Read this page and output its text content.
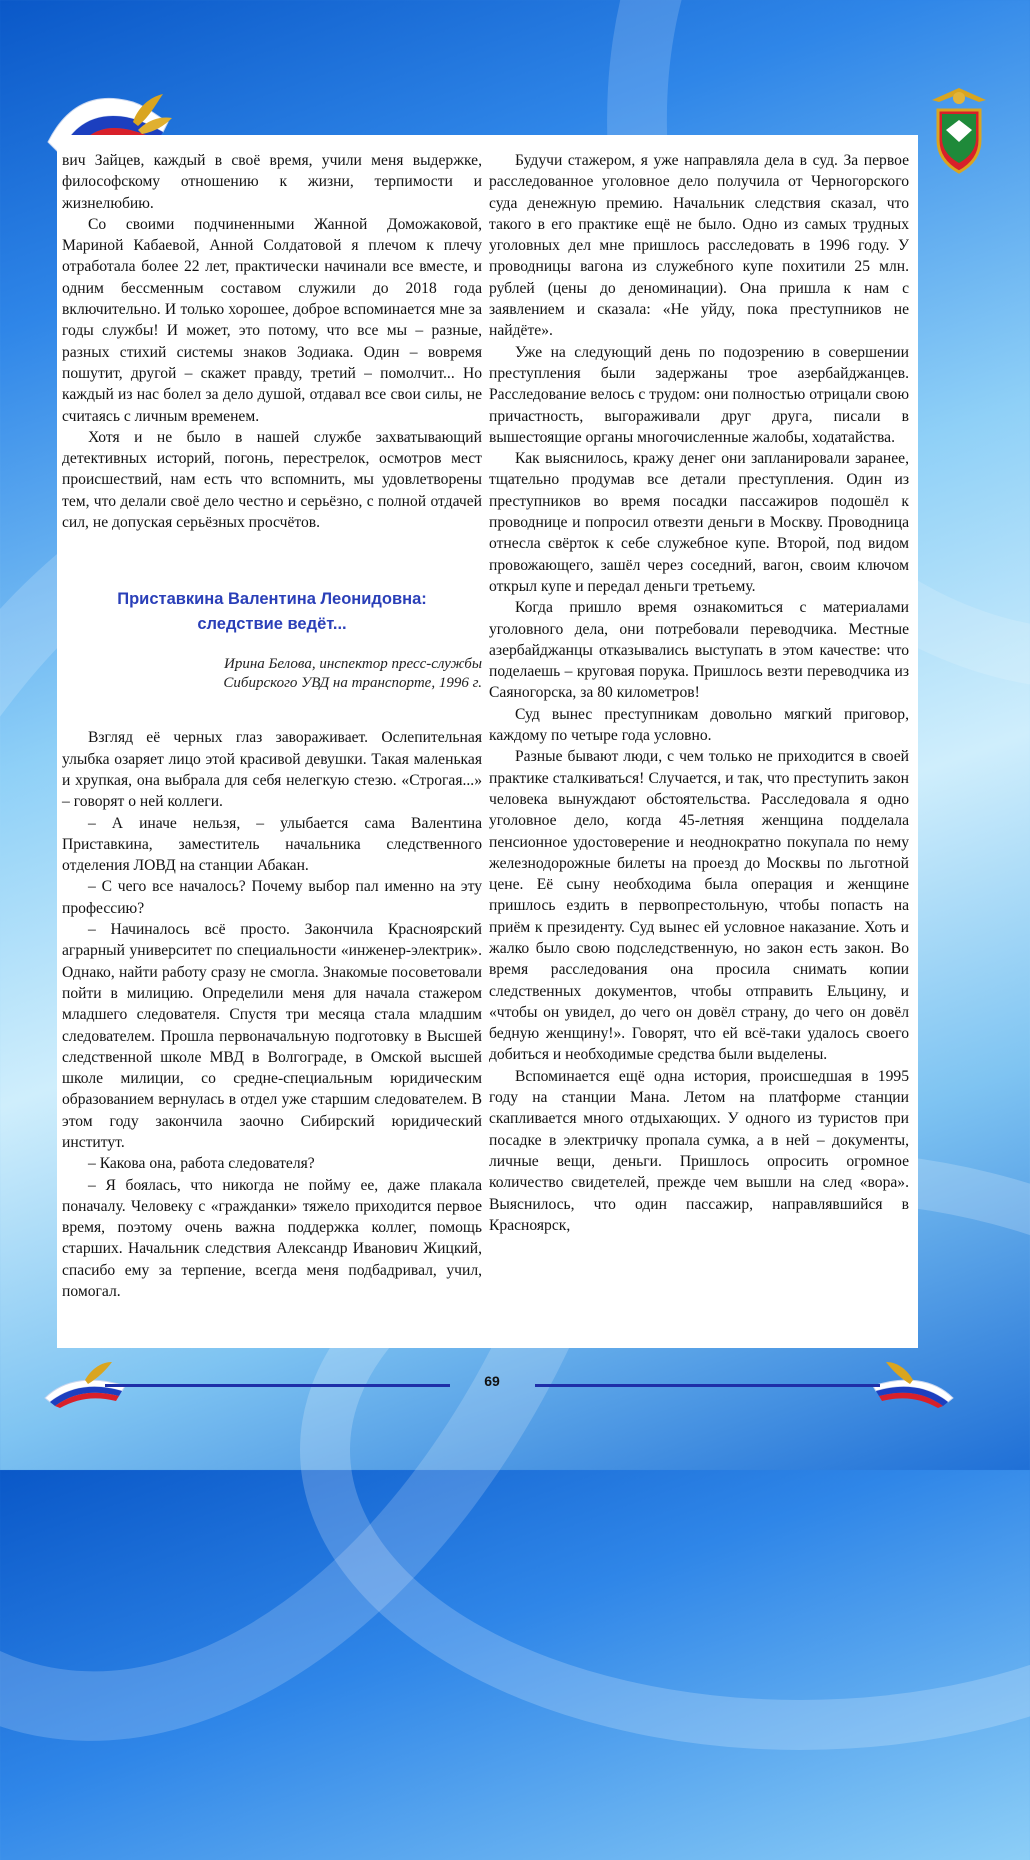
вич Зайцев, каждый в своё время, учили меня выдержке, философскому отношению к жизни, терпимости и жизнелюбию.

Со своими подчиненными Жанной Доможаковой, Мариной Кабаевой, Анной Солдатовой я плечом к плечу отработала более 22 лет, практически начинали все вместе, и одним бессменным составом служили до 2018 года включительно. И только хорошее, доброе вспоминается мне за годы службы! И может, это потому, что все мы – разные, разных стихий системы знаков Зодиака. Один – вовремя пошутит, другой – скажет правду, третий – помолчит... Но каждый из нас болел за дело душой, отдавал все свои силы, не считаясь с личным временем.

Хотя и не было в нашей службе захватывающий детективных историй, погонь, перестрелок, осмотров мест происшествий, нам есть что вспомнить, мы удовлетворены тем, что делали своё дело честно и серьёзно, с полной отдачей сил, не допуская серьёзных просчётов.

Приставкина Валентина Леонидовна:
следствие ведёт...
Ирина Белова, инспектор пресс-службы
Сибирского УВД на транспорте, 1996 г.

Взгляд её черных глаз завораживает. Ослепительная улыбка озаряет лицо этой красивой девушки. Такая маленькая и хрупкая, она выбрала для себя нелегкую стезю. «Строгая...» – говорят о ней коллеги.

– А иначе нельзя, – улыбается сама Валентина Приставкина, заместитель начальника следственного отделения ЛОВД на станции Абакан.

– С чего все началось? Почему выбор пал именно на эту профессию?

– Начиналось всё просто. Закончила Красноярский аграрный университет по специальности «инженер-электрик». Однако, найти работу сразу не смогла. Знакомые посоветовали пойти в милицию. Определили меня для начала стажером младшего следователя. Спустя три месяца стала младшим следователем. Прошла первоначальную подготовку в Высшей следственной школе МВД в Волгограде, в Омской высшей школе милиции, со средне-специальным юридическим образованием вернулась в отдел уже старшим следователем. В этом году закончила заочно Сибирский юридический институт.

– Какова она, работа следователя?

– Я боялась, что никогда не пойму ее, даже плакала поначалу. Человеку с «гражданки» тяжело приходится первое время, поэтому очень важна поддержка коллег, помощь старших. Начальник следствия Александр Иванович Жицкий, спасибо ему за терпение, всегда меня подбадривал, учил, помогал.

Будучи стажером, я уже направляла дела в суд. За первое расследованное уголовное дело получила от Черногорского суда денежную премию. Начальник следствия сказал, что такого в его практике ещё не было. Одно из самых трудных уголовных дел мне пришлось расследовать в 1996 году. У проводницы вагона из служебного купе похитили 25 млн. рублей (цены до деноминации). Она пришла к нам с заявлением и сказала: «Не уйду, пока преступников не найдёте».

Уже на следующий день по подозрению в совершении преступления были задержаны трое азербайджанцев. Расследование велось с трудом: они полностью отрицали свою причастность, выгораживали друг друга, писали в вышестоящие органы многочисленные жалобы, ходатайства.

Как выяснилось, кражу денег они запланировали заранее, тщательно продумав все детали преступления. Один из преступников во время посадки пассажиров подошёл к проводнице и попросил отвезти деньги в Москву. Проводница отнесла свёрток к себе служебное купе. Второй, под видом провожающего, зашёл через соседний, вагон, своим ключом открыл купе и передал деньги третьему.

Когда пришло время ознакомиться с материалами уголовного дела, они потребовали переводчика. Местные азербайджанцы отказывались выступать в этом качестве: что поделаешь – круговая порука. Пришлось везти переводчика из Саяногорска, за 80 километров!

Суд вынес преступникам довольно мягкий приговор, каждому по четыре года условно.

Разные бывают люди, с чем только не приходится в своей практике сталкиваться! Случается, и так, что преступить закон человека вынуждают обстоятельства. Расследовала я одно уголовное дело, когда 45-летняя женщина подделала пенсионное удостоверение и неоднократно покупала по нему железнодорожные билеты на проезд до Москвы по льготной цене. Её сыну необходима была операция и женщине пришлось ездить в первопрестольную, чтобы попасть на приём к президенту. Суд вынес ей условное наказание. Хоть и жалко было свою подследственную, но закон есть закон. Во время расследования она просила снимать копии следственных документов, чтобы отправить Ельцину, и «чтобы он увидел, до чего он довёл страну, до чего он довёл бедную женщину!». Говорят, что ей всё-таки удалось своего добиться и необходимые средства были выделены.

Вспоминается ещё одна история, происшедшая в 1995 году на станции Мана. Летом на платформе станции скапливается много отдыхающих. У одного из туристов при посадке в электричку пропала сумка, а в ней – документы, личные вещи, деньги. Пришлось опросить огромное количество свидетелей, прежде чем вышли на след «вора». Выяснилось, что один пассажир, направлявшийся в Красноярск,

69
